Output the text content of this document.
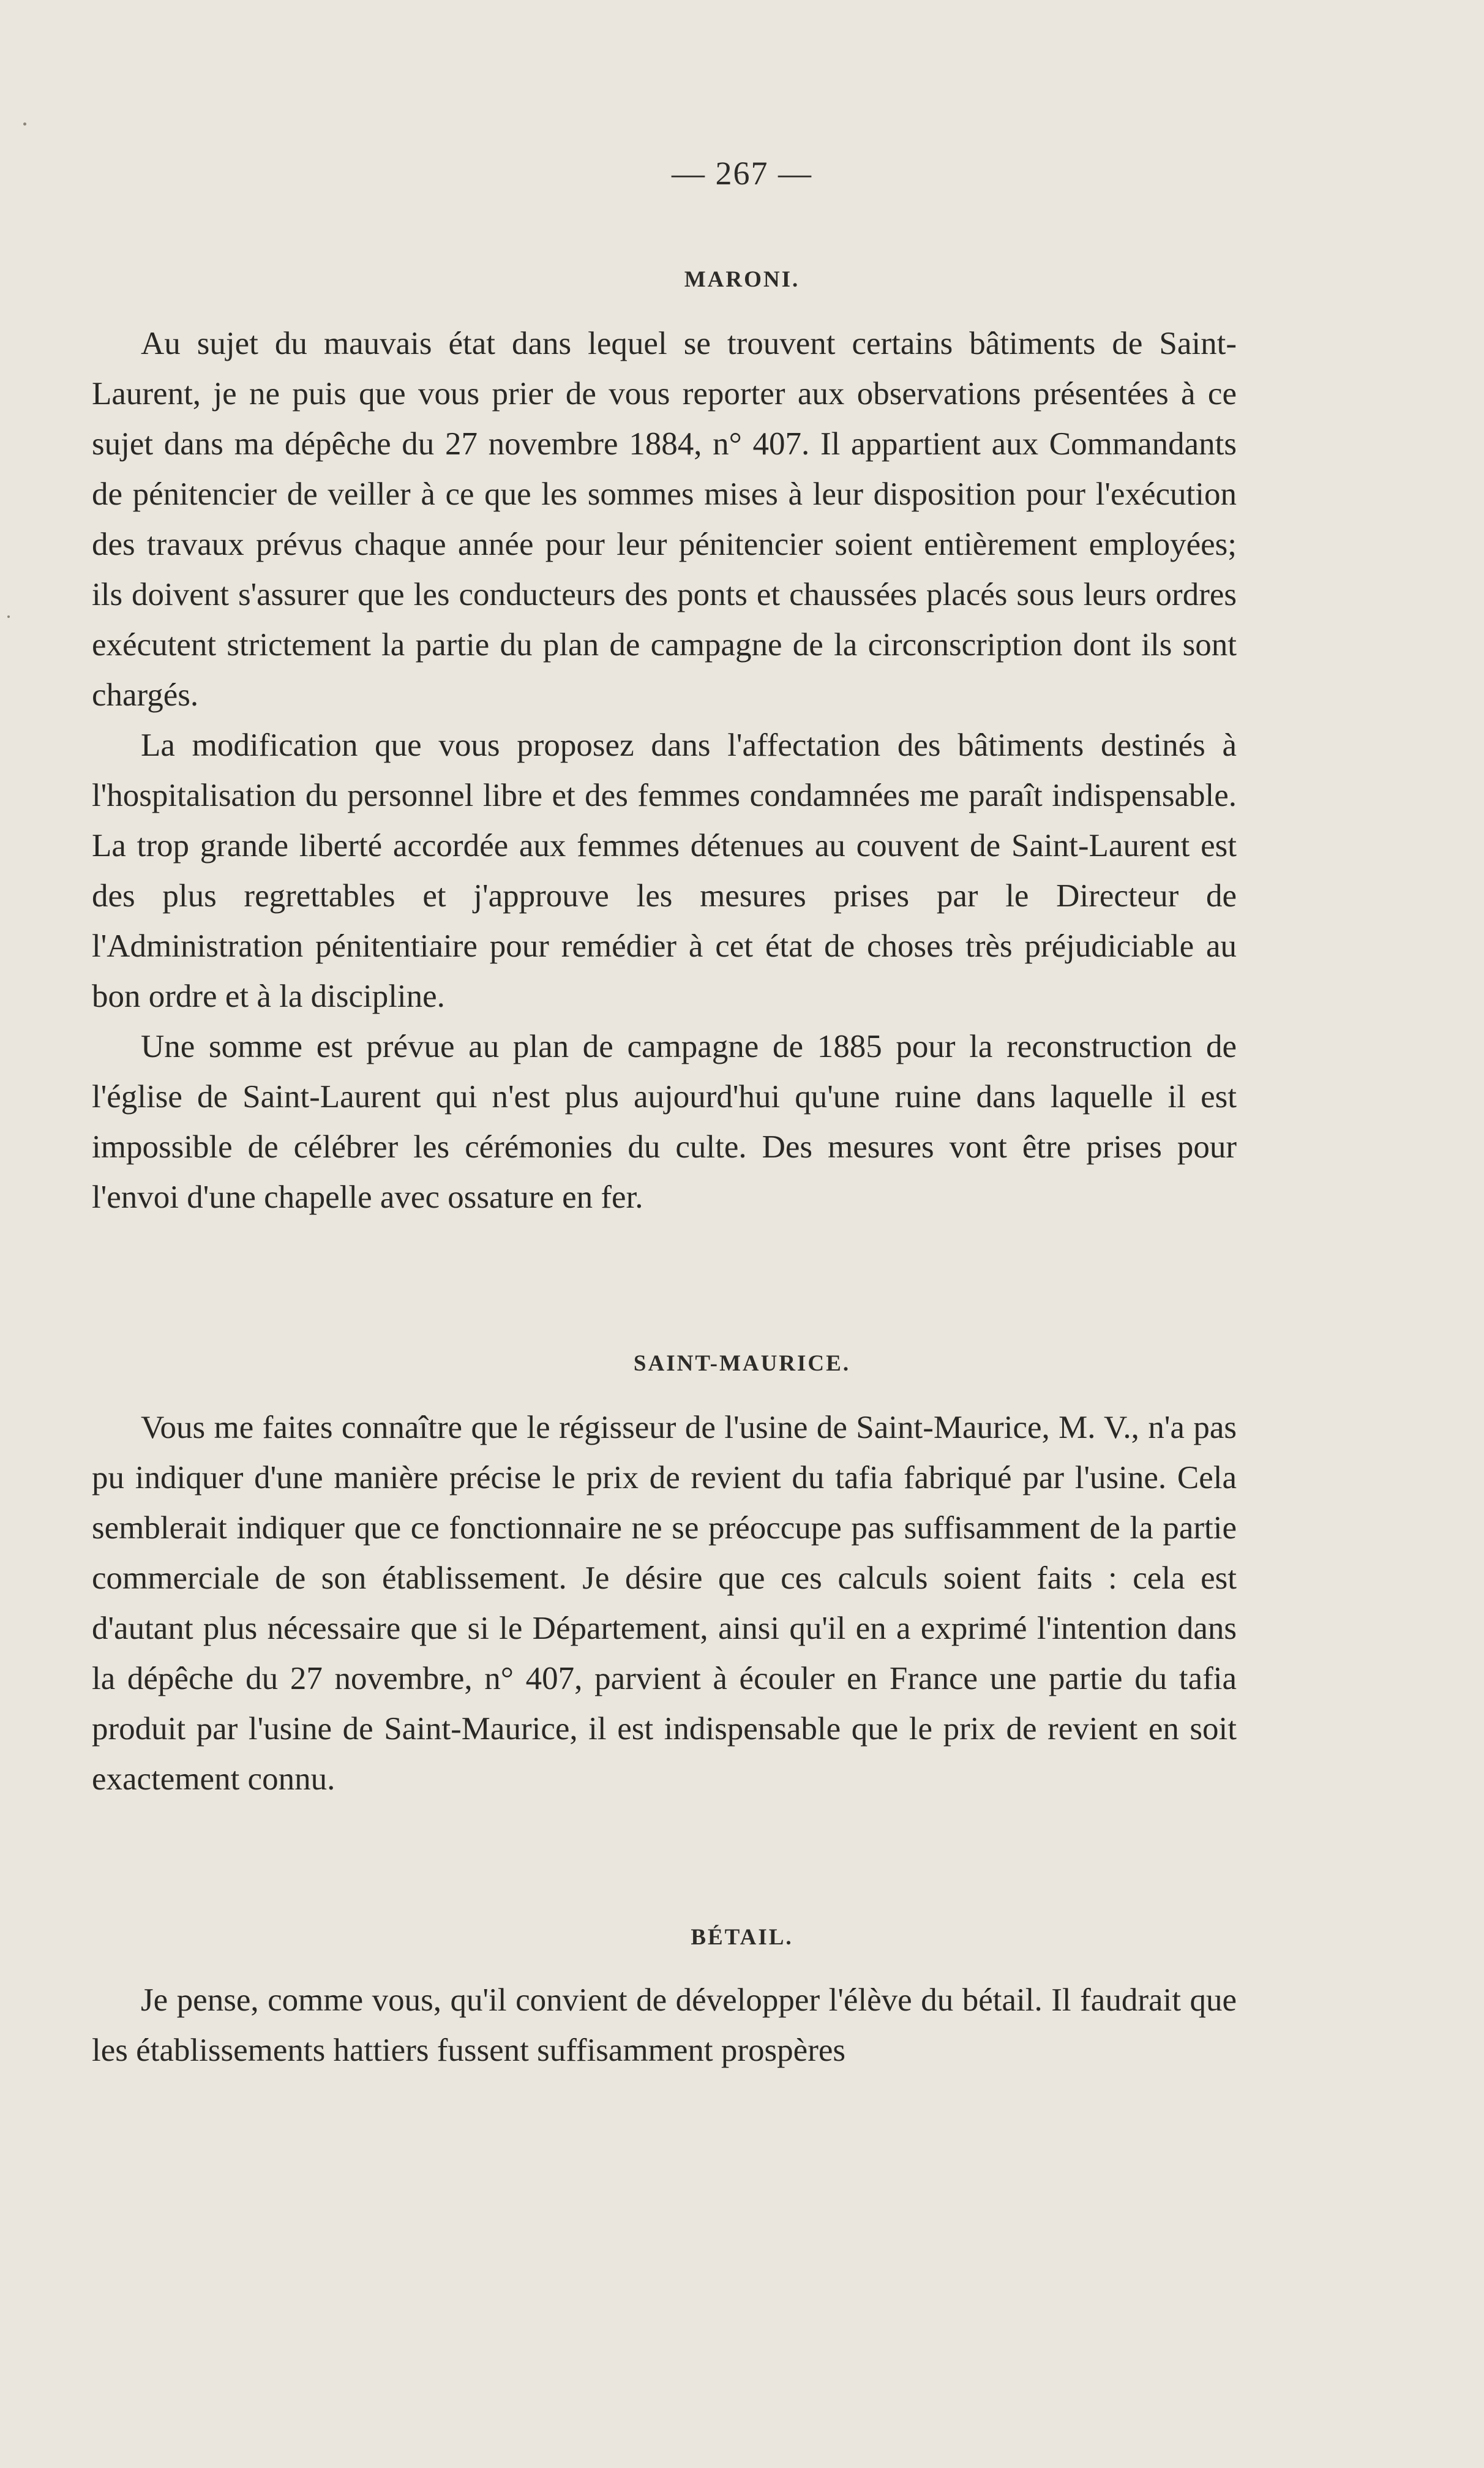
— 267 —

MARONI.

Au sujet du mauvais état dans lequel se trouvent certains bâtiments de Saint-Laurent, je ne puis que vous prier de vous reporter aux observations présentées à ce sujet dans ma dépêche du 27 novembre 1884, n° 407. Il appartient aux Commandants de pénitencier de veiller à ce que les sommes mises à leur disposition pour l'exécution des travaux prévus chaque année pour leur pénitencier soient entièrement employées; ils doivent s'assurer que les conducteurs des ponts et chaussées placés sous leurs ordres exécutent strictement la partie du plan de campagne de la circonscription dont ils sont chargés.

La modification que vous proposez dans l'affectation des bâtiments destinés à l'hospitalisation du personnel libre et des femmes condamnées me paraît indispensable. La trop grande liberté accordée aux femmes détenues au couvent de Saint-Laurent est des plus regrettables et j'approuve les mesures prises par le Directeur de l'Administration pénitentiaire pour remédier à cet état de choses très préjudiciable au bon ordre et à la discipline.

Une somme est prévue au plan de campagne de 1885 pour la reconstruction de l'église de Saint-Laurent qui n'est plus aujourd'hui qu'une ruine dans laquelle il est impossible de célébrer les cérémonies du culte. Des mesures vont être prises pour l'envoi d'une chapelle avec ossature en fer.

SAINT-MAURICE.

Vous me faites connaître que le régisseur de l'usine de Saint-Maurice, M. V., n'a pas pu indiquer d'une manière précise le prix de revient du tafia fabriqué par l'usine. Cela semblerait indiquer que ce fonctionnaire ne se préoccupe pas suffisamment de la partie commerciale de son établissement. Je désire que ces calculs soient faits : cela est d'autant plus nécessaire que si le Département, ainsi qu'il en a exprimé l'intention dans la dépêche du 27 novembre, n° 407, parvient à écouler en France une partie du tafia produit par l'usine de Saint-Maurice, il est indispensable que le prix de revient en soit exactement connu.

BÉTAIL.

Je pense, comme vous, qu'il convient de développer l'élève du bétail. Il faudrait que les établissements hattiers fussent suffisamment prospères
